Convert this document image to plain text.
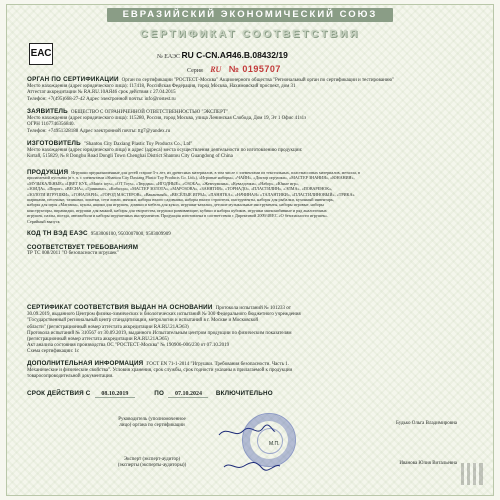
ЕВРАЗИЙСКИЙ ЭКОНОМИЧЕСКИЙ СОЮЗ
СЕРТИФИКАТ СООТВЕТСТВИЯ
ЕАС	№ ЕАЭС RU С-CN.АЯ46.В.08432/19
Серия RU № 0195707

ОРГАН ПО СЕРТИФИКАЦИИ Орган по сертификации "РОСТЕСТ-Москва" Акционерного общества "Региональный орган по сертификации и тестированию"

Место нахождения (адрес юридического лица): 117418, Российская Федерация, город Москва, Нахимовский проспект, дом 31

Аттестат аккредитации № RA.RU.10АЯ46 срок действия с 27.04.2015

Телефон: +7(495)668-27-42 Адрес электронной почты: info@rostest.ru

ЗАЯВИТЕЛЬ ОБЩЕСТВО С ОГРАНИЧЕННОЙ ОТВЕТСТВЕННОСТЬЮ "ЭКСПЕРТ"

Место нахождения (адрес юридического лица): 115280, Россия, город Москва, улица Ленинская Слобода, Дом 19, Эт 1 Офис 41з1з

ОГРН 1167746356840.

Телефон: +74951328188 Адрес электронной почты: ttg7@yandex.ru

ИЗГОТОВИТЕЛЬ "Shantou City Daxiang Plastic Toy Products Co., Ltd"

Место нахождения (адрес юридического лица) и адрес (адреса) места осуществления деятельности по изготовлению продукции:

Китай, 515829, № 8 Donghu Road Dongli Town Chenghai District Shantou City Guangdong of China

ПРОДУКЦИЯ Игрушки предназначенные для детей старше 3-х лет, из древесных материалов, в том числе с элементами из текстильных, пластмассовых материалов, металла, в

прилагаемой пустыми (в т. ч. с элементами «Shantou City Daxiang Plastic Toy Products Co. Ltd»), «Игровые наборы», «ЧАЙН», «Доктор игрушки», «МАСТЕР ЗНАНИЯ», «ЮНАНИЯ»,

«МУЗЫКАЛЬНЫЕ» «ЦВЕТ КУБ, «Matrix toys», «ОТ Toys», «Тюрдан», «ИГОДНЫЕ», «ОЗОБА», «Жемчужины», «Кувалдочки», «Набор», «Юные игр»,

«ЗОИДА», «Пирог», «ВЕСНА», «Гринкинс», «Кибалда», «МАСТЕР ЗОЛОТА», «МАРОЗОВА», «ЗАНЯТИЯ», «ТОРНАДО», «ПЛАСТИЛИН», «ЭЛМА», «ПОВАРЕНОК»,

«ЗОЛОТИ ИГРУШКИ», «ГОНАЛАРИ», «ГОРОД МАСТЕРОВ», «Вакантный», «ВЕСЁЛЫЕ ИГРЫ», «ПАНЯТКА», «НАЧИНАЯ» «ТАЛАНТИКИ», «ПЛАСТИЛИНОВЫЙ», «ТРИКА»

шариками, песочные, тазиками, лопатки, сети ловли, мячики, наборы юного садовника, наборы юного строителя, инструменты, наборы для рыбалки, кухонный инвентарь,

наборы для игры «Магазин», куклы, ящики для игрушек, домики и мебель для кукол, игрушки-каталки, детские музыкальные инструменты, наборы игровые, наборы

конструкторы, пирамидки, игрушки для ванной, наборы для творчества, игрушки развивающие, кубики и наборы кубиков, игрушки мягконабивные и ряд аналогичных

игрушек, пазлы, поезда, автомобили и наборы игрушечных инструментов. Продукция изготовлена в соответствии с Директивой 2009/48/ЕС «О безопасности игрушек».

Серийный выпуск

КОД ТН ВЭД ЕАЭС 9503006100, 9503007000, 9503009909

СООТВЕТСТВУЕТ ТРЕБОВАНИЯМ

ТР ТС 008/2011 "О безопасности игрушек"

СЕРТИФИКАТ СООТВЕТСТВИЯ ВЫДАН НА ОСНОВАНИИ Протокола испытаний № 101233 от

30.09.2019, выданного Центром физико-химических и биологических испытаний № 300 Федерального бюджетного учреждения

"Государственный региональный центр стандартизации, метрологии и испытаний в г. Москве и Московской

области" (регистрационный номер аттестата аккредитации RA.RU.21АЭ63)

Протокола испытаний № 310567 от 30.09.2019, выданного Испытательным центром продукции по физическим показателям

(регистрационный номер аттестата аккредитации RA.RU.21АЭ65)

Акт анализа состояния производства ОС "РОСТЕСТ-Москва" № 190906-006/230 от 07.10.2019

Схема сертификации: 1с

ДОПОЛНИТЕЛЬНАЯ ИНФОРМАЦИЯ ГОСТ EN 71-1-2014 "Игрушки. Требования безопасности. Часть 1.

Механические и физические свойства". Условия хранения, срок службы, срок годности указаны в прилагаемой к продукции

товаросопроводительной документации.

СРОК ДЕЙСТВИЯ С 08.10.2019	ПО 07.10.2024 ВКЛЮЧИТЕЛЬНО

Руководитель (уполномоченное

лицо) органа по сертификации	Будько Ольга Владимировна
М.П.

Эксперт (эксперт-аудитор)

(эксперты (эксперты-аудиторы))	Иванова Юлия Витальевна
